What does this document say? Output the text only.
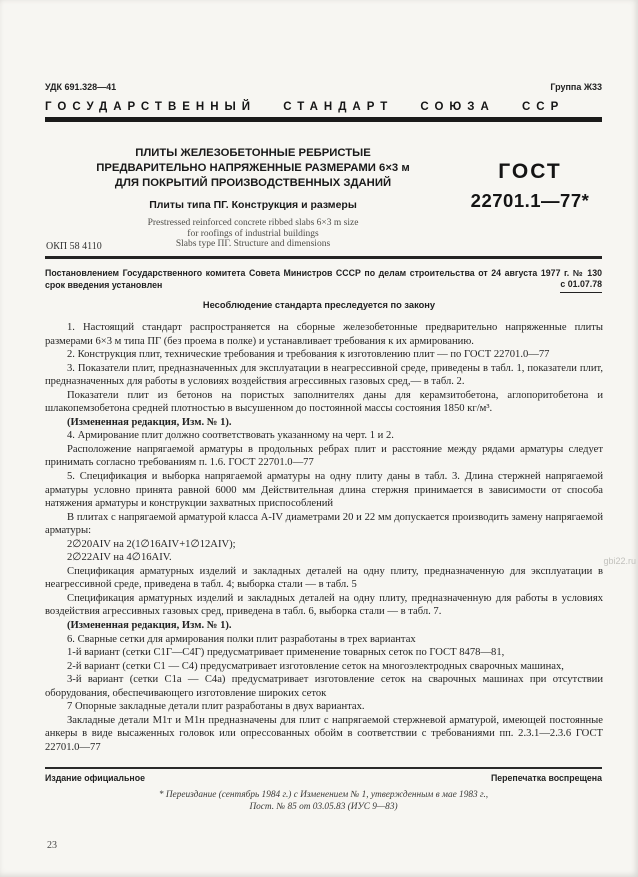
УДК 691.328—41	Группа Ж33
ГОСУДАРСТВЕННЫЙ СТАНДАРТ СОЮЗА ССР
ПЛИТЫ ЖЕЛЕЗОБЕТОННЫЕ РЕБРИСТЫЕ
ПРЕДВАРИТЕЛЬНО НАПРЯЖЕННЫЕ РАЗМЕРАМИ 6×3 м
ДЛЯ ПОКРЫТИЙ ПРОИЗВОДСТВЕННЫХ ЗДАНИЙ
Плиты типа ПГ. Конструкция и размеры
Prestressed reinforced concrete ribbed slabs 6×3 m size
for roofings of industrial buildings
Slabs type ПГ. Structure and dimensions
ГОСТ
22701.1—77*
ОКП 58 4110
Постановлением Государственного комитета Совета Министров СССР по делам строительства от 24 августа 1977 г. № 130 срок введения установлен	с 01.07.78
Несоблюдение стандарта преследуется по закону

1. Настоящий стандарт распространяется на сборные железобетонные предварительно напряженные плиты размерами 6×3 м типа ПГ (без проема в полке) и устанавливает требования к их армированию.

2. Конструкция плит, технические требования и требования к изготовлению плит — по ГОСТ 22701.0—77

3. Показатели плит, предназначенных для эксплуатации в неагрессивной среде, приведены в табл. 1, показатели плит, предназначенных для работы в условиях воздействия агрессивных газовых сред,— в табл. 2.

Показатели плит из бетонов на пористых заполнителях даны для керамзитобетона, аглопоритобетона и шлакопемзобетона средней плотностью в высушенном до постоянной массы состояния 1850 кг/м³.

(Измененная редакция, Изм. № 1).

4. Армирование плит должно соответствовать указанному на черт. 1 и 2.

Расположение напрягаемой арматуры в продольных ребрах плит и расстояние между рядами арматуры следует принимать согласно требованиям п. 1.6. ГОСТ 22701.0—77

5. Спецификация и выборка напрягаемой арматуры на одну плиту даны в табл. 3. Длина стержней напрягаемой арматуры условно принята равной 6000 мм Действительная длина стержня принимается в зависимости от способа натяжения арматуры и конструкции захватных приспособлений

В плитах с напрягаемой арматурой класса А-IV диаметрами 20 и 22 мм допускается производить замену напрягаемой арматуры:

2∅20АIV на 2(1∅16АIV+1∅12АIV);

2∅22АIV на 4∅16АIV.

Спецификация арматурных изделий и закладных деталей на одну плиту, предназначенную для эксплуатации в неагрессивной среде, приведена в табл. 4; выборка стали — в табл. 5

Спецификация арматурных изделий и закладных деталей на одну плиту, предназначенную для работы в условиях воздействия агрессивных газовых сред, приведена в табл. 6, выборка стали — в табл. 7.

(Измененная редакция, Изм. № 1).

6. Сварные сетки для армирования полки плит разработаны в трех вариантах

1-й вариант (сетки С1Г—С4Г) предусматривает применение товарных сеток по ГОСТ 8478—81,

2-й вариант (сетки С1 — С4) предусматривает изготовление сеток на многоэлектродных сварочных машинах,

3-й вариант (сетки С1а — С4а) предусматривает изготовление сеток на сварочных машинах при отсутствии оборудования, обеспечивающего изготовление широких сеток

7 Опорные закладные детали плит разработаны в двух вариантах.

Закладные детали М1т и М1н предназначены для плит с напрягаемой стержневой арматурой, имеющей постоянные анкеры в виде высаженных головок или опрессованных обойм в соответствии с требованиями пп. 2.3.1—2.3.6 ГОСТ 22701.0—77

Издание официальное	Перепечатка воспрещена
* Переиздание (сентябрь 1984 г.) с Изменением № 1, утвержденным в мае 1983 г.,
Пост. № 85 от 03.05.83 (ИУС 9—83)
23
gbi22.ru
